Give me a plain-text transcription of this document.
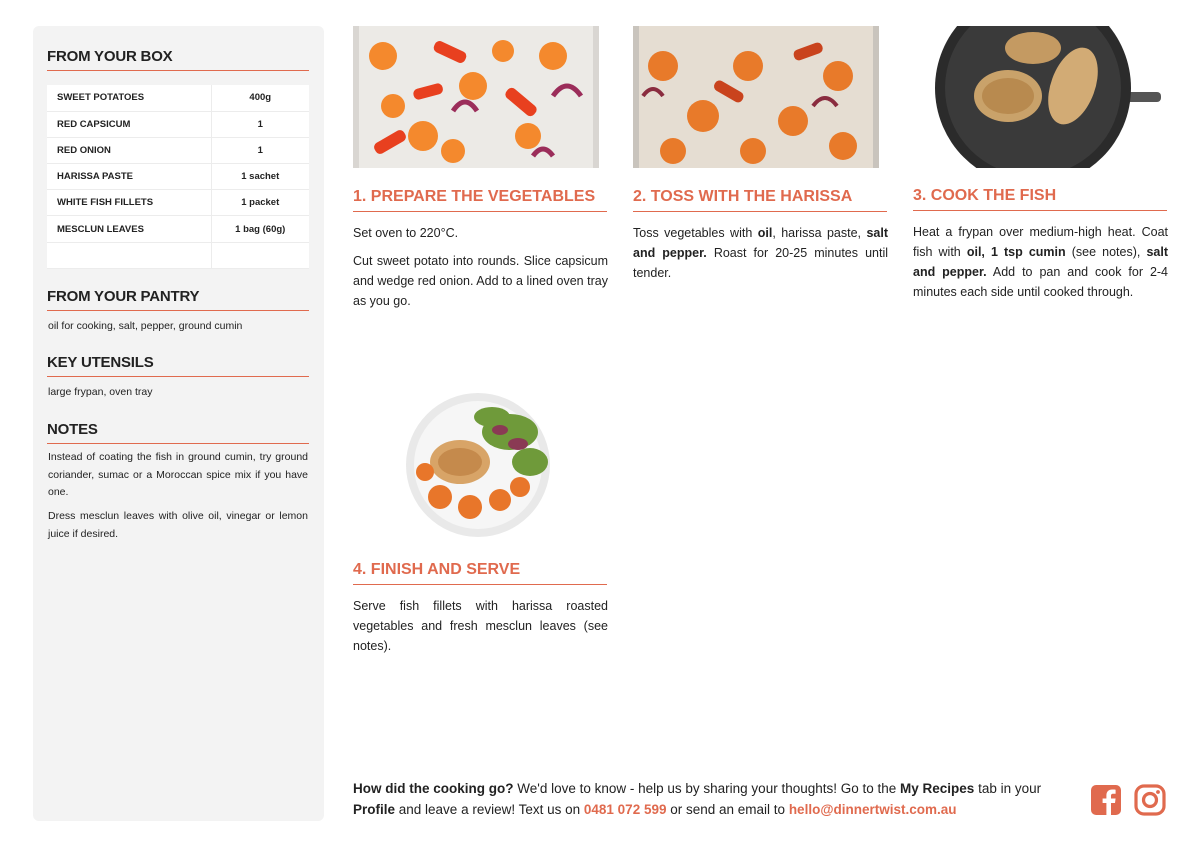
FROM YOUR BOX
SWEET POTATOES	400g
RED CAPSICUM	1
RED ONION	1
HARISSA PASTE	1 sachet
WHITE FISH FILLETS	1 packet
MESCLUN LEAVES	1 bag (60g)

FROM YOUR PANTRY
oil for cooking, salt, pepper, ground cumin
KEY UTENSILS
large frypan, oven tray
NOTES
Instead of coating the fish in ground cumin, try ground coriander, sumac or a Moroccan spice mix if you have one.
Dress mesclun leaves with olive oil, vinegar or lemon juice if desired.
1. PREPARE THE VEGETABLES

Set oven to 220°C.

Cut sweet potato into rounds. Slice capsicum and wedge red onion. Add to a lined oven tray as you go.

2. TOSS WITH THE HARISSA

Toss vegetables with oil, harissa paste, salt and pepper. Roast for 20-25 minutes until tender.

3. COOK THE FISH

Heat a frypan over medium-high heat. Coat fish with oil, 1 tsp cumin (see notes), salt and pepper. Add to pan and cook for 2-4 minutes each side until cooked through.

4. FINISH AND SERVE

Serve fish fillets with harissa roasted vegetables and fresh mesclun leaves (see notes).

How did the cooking go? We'd love to know - help us by sharing your thoughts! Go to the My Recipes tab in your Profile and leave a review! Text us on 0481 072 599 or send an email to hello@dinnertwist.com.au
